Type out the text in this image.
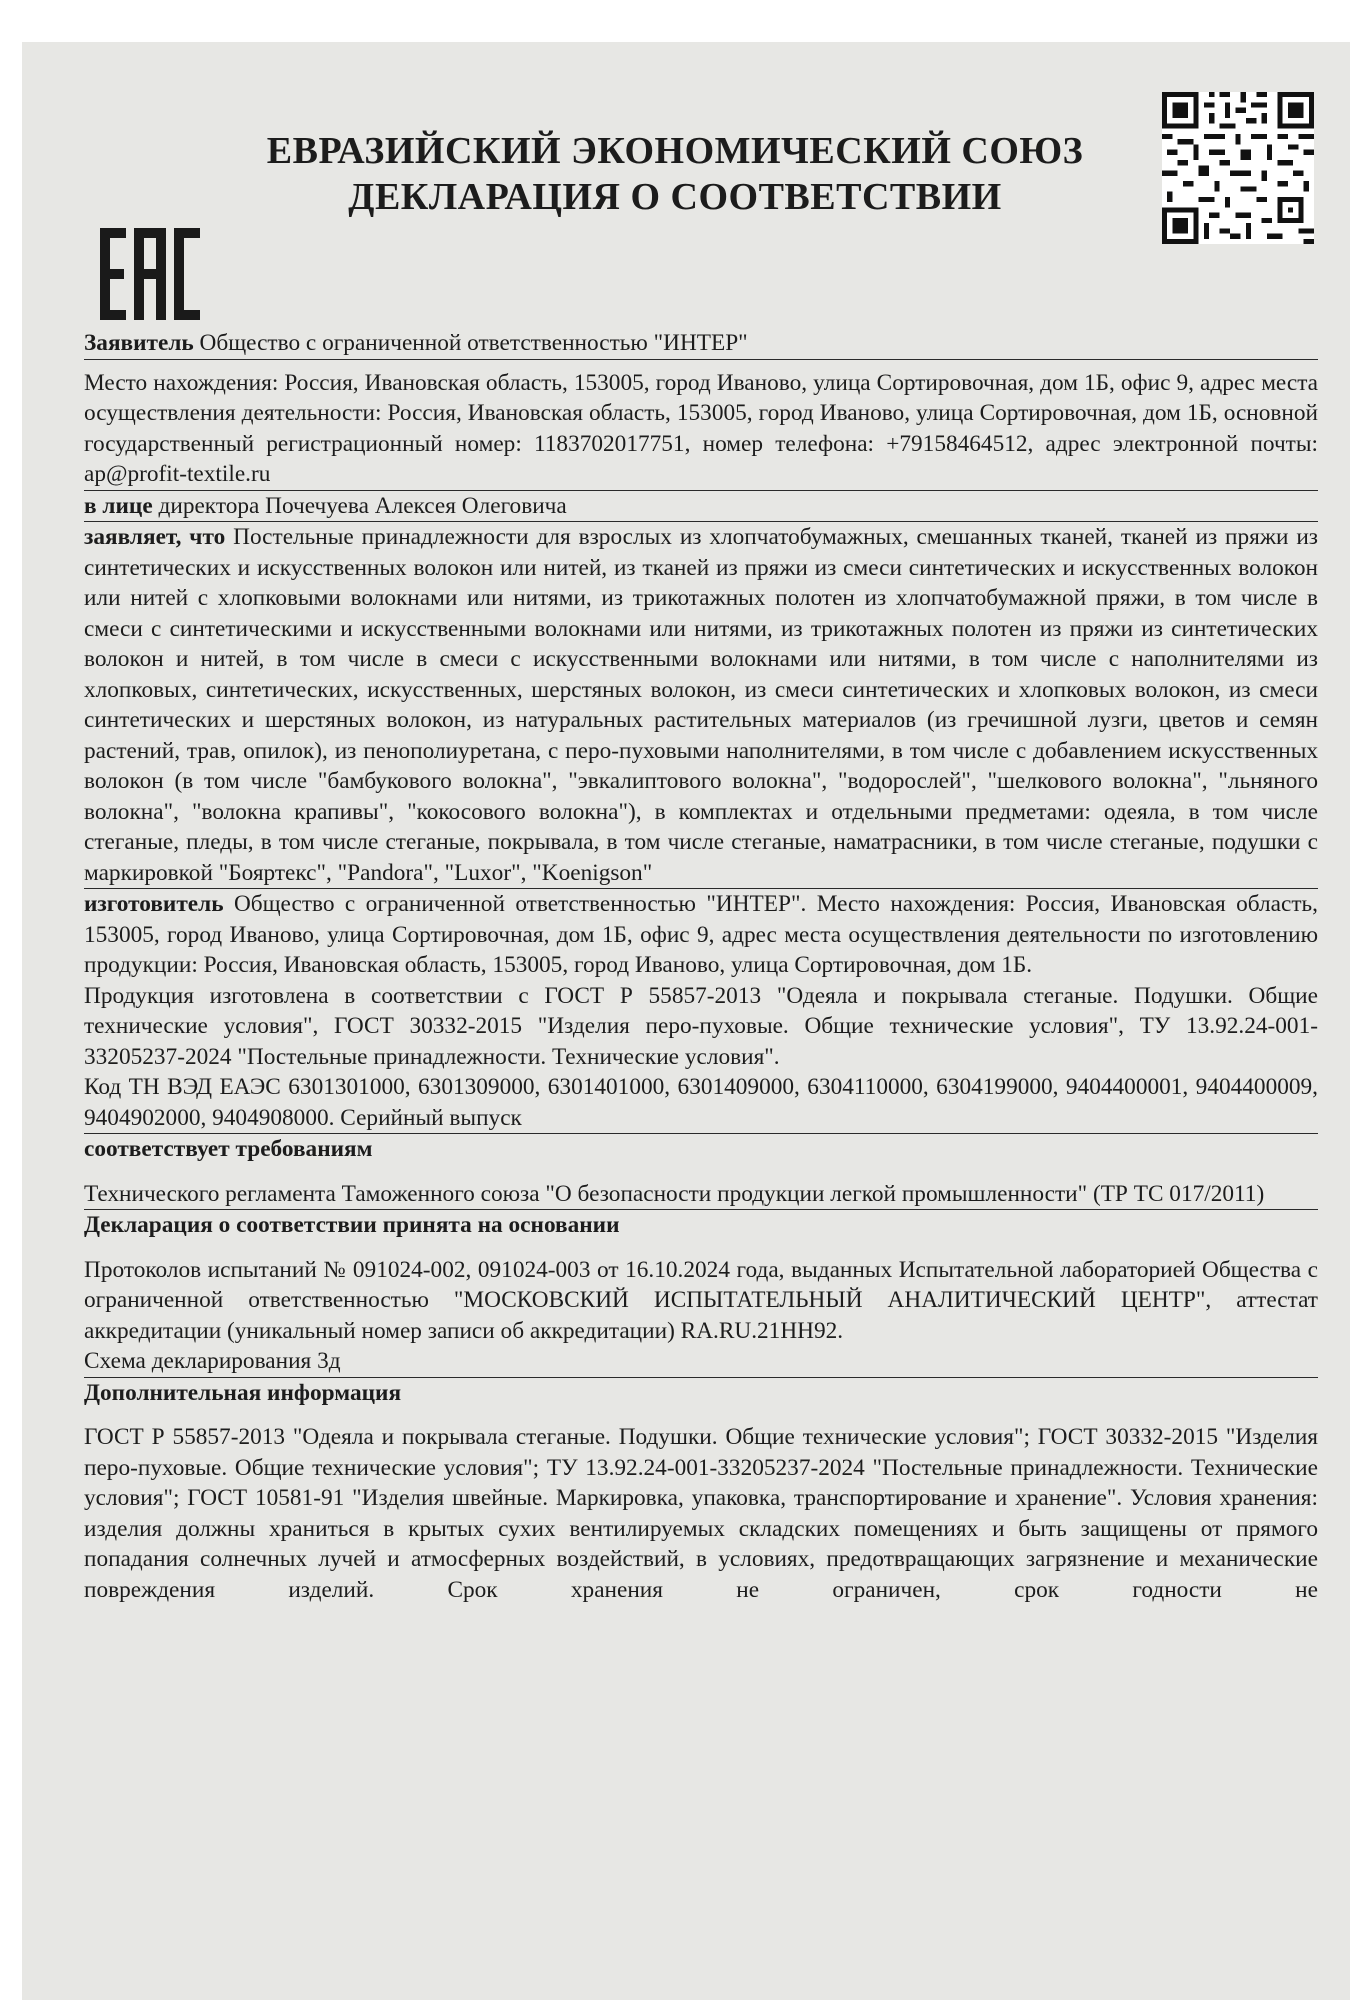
ЕВРАЗИЙСКИЙ ЭКОНОМИЧЕСКИЙ СОЮЗ
ДЕКЛАРАЦИЯ О СООТВЕТСТВИИ

Заявитель Общество с ограниченной ответственностью "ИНТЕР"

Место нахождения: Россия, Ивановская область, 153005, город Иваново, улица Сортировочная, дом 1Б, офис 9, адрес места осуществления деятельности: Россия, Ивановская область, 153005, город Иваново, улица Сортировочная, дом 1Б, основной государственный регистрационный номер: 1183702017751, номер телефона: +79158464512, адрес электронной почты: ap@profit-textile.ru

в лице директора Почечуева Алексея Олеговича

заявляет, что Постельные принадлежности для взрослых из хлопчатобумажных, смешанных тканей, тканей из пряжи из синтетических и искусственных волокон или нитей, из тканей из пряжи из смеси синтетических и искусственных волокон или нитей с хлопковыми волокнами или нитями, из трикотажных полотен из хлопчатобумажной пряжи, в том числе в смеси с синтетическими и искусственными волокнами или нитями, из трикотажных полотен из пряжи из синтетических волокон и нитей, в том числе в смеси с искусственными волокнами или нитями, в том числе с наполнителями из хлопковых, синтетических, искусственных, шерстяных волокон, из смеси синтетических и хлопковых волокон, из смеси синтетических и шерстяных волокон, из натуральных растительных материалов (из гречишной лузги, цветов и семян растений, трав, опилок), из пенополиуретана, с перо-пуховыми наполнителями, в том числе с добавлением искусственных волокон (в том числе "бамбукового волокна", "эвкалиптового волокна", "водорослей", "шелкового волокна", "льняного волокна", "волокна крапивы", "кокосового волокна"), в комплектах и отдельными предметами: одеяла, в том числе стеганые, пледы, в том числе стеганые, покрывала, в том числе стеганые, наматрасники, в том числе стеганые, подушки с маркировкой "Бояртекс", "Pandora", "Luxor", "Koenigson"

изготовитель Общество с ограниченной ответственностью "ИНТЕР". Место нахождения: Россия, Ивановская область, 153005, город Иваново, улица Сортировочная, дом 1Б, офис 9, адрес места осуществления деятельности по изготовлению продукции: Россия, Ивановская область, 153005, город Иваново, улица Сортировочная, дом 1Б.

Продукция изготовлена в соответствии с ГОСТ Р 55857-2013 "Одеяла и покрывала стеганые. Подушки. Общие технические условия", ГОСТ 30332-2015 "Изделия перо-пуховые. Общие технические условия", ТУ 13.92.24-001-33205237-2024 "Постельные принадлежности. Технические условия".

Код ТН ВЭД ЕАЭС 6301301000, 6301309000, 6301401000, 6301409000, 6304110000, 6304199000, 9404400001, 9404400009, 9404902000, 9404908000. Серийный выпуск

соответствует требованиям

Технического регламента Таможенного союза "О безопасности продукции легкой промышленности" (ТР ТС 017/2011)

Декларация о соответствии принята на основании

Протоколов испытаний № 091024-002, 091024-003 от 16.10.2024 года, выданных Испытательной лабораторией Общества с ограниченной ответственностью "МОСКОВСКИЙ ИСПЫТАТЕЛЬНЫЙ АНАЛИТИЧЕСКИЙ ЦЕНТР", аттестат аккредитации (уникальный номер записи об аккредитации) RA.RU.21НН92.

Схема декларирования 3д

Дополнительная информация

ГОСТ Р 55857-2013 "Одеяла и покрывала стеганые. Подушки. Общие технические условия"; ГОСТ 30332-2015 "Изделия перо-пуховые. Общие технические условия"; ТУ 13.92.24-001-33205237-2024 "Постельные принадлежности. Технические условия"; ГОСТ 10581-91 "Изделия швейные. Маркировка, упаковка, транспортирование и хранение". Условия хранения: изделия должны храниться в крытых сухих вентилируемых складских помещениях и быть защищены от прямого попадания солнечных лучей и атмосферных воздействий, в условиях, предотвращающих загрязнение и механические повреждения изделий. Срок хранения не ограничен, срок годности не
